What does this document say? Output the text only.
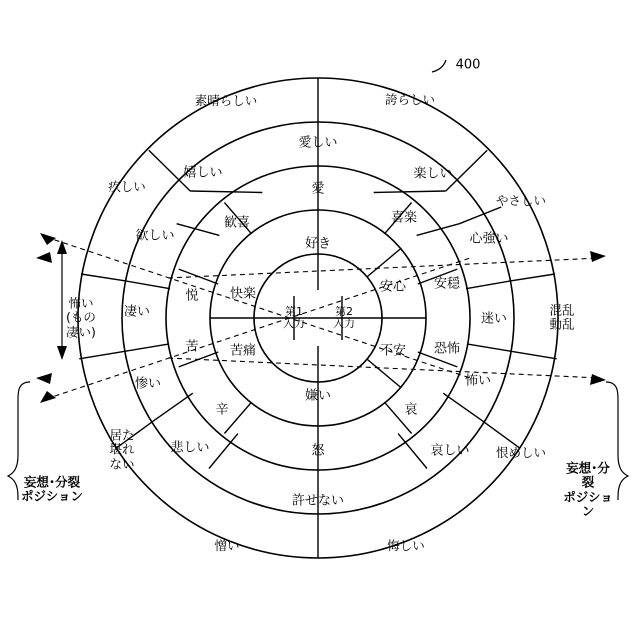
400
第1
入力
第2
入力
好き
快楽
苦痛
嫌い
不安
安心
愛
歓喜
悦
苦
辛
怒
哀
恐怖
安穏
喜楽
愛しい
嬉しい
欲しい
凄い
惨い
悲しい
許せない
哀しい
怖い
迷い
心強い
楽しい
誇らしい
素晴らしい
疚しい
怖い
(もの
凄い)
居た
堪れ
ない
憎い	悔しい
恨めしい
混乱
動乱
やさしい
妄想･分裂
ポジション
妄想･分裂
ポジション
